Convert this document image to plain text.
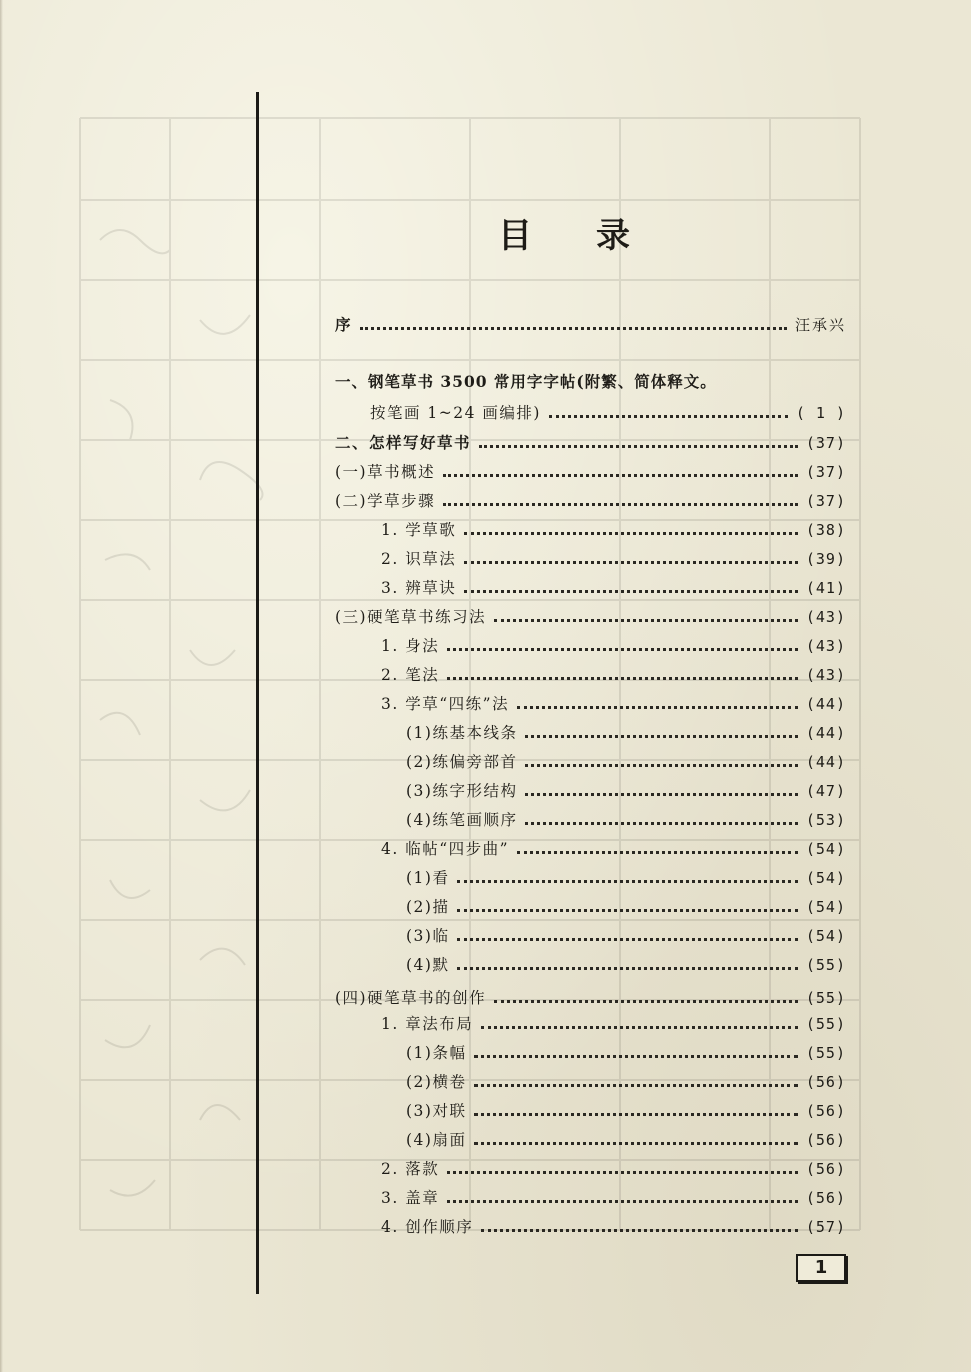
目 录
序	汪承兴
一、钢笔草书 3500 常用字字帖(附繁、简体释文。
按笔画 1~24 画编排)	( 1 )
二、怎样写好草书	(37)
(一)草书概述	(37)
(二)学草步骤	(37)
1. 学草歌	(38)
2. 识草法	(39)
3. 辨草诀	(41)
(三)硬笔草书练习法	(43)
1. 身法	(43)
2. 笔法	(43)
3. 学草“四练”法	(44)
(1)练基本线条	(44)
(2)练偏旁部首	(44)
(3)练字形结构	(47)
(4)练笔画顺序	(53)
4. 临帖“四步曲”	(54)
(1)看	(54)
(2)描	(54)
(3)临	(54)
(4)默	(55)
(四)硬笔草书的创作	(55)
1. 章法布局	(55)
(1)条幅	(55)
(2)横卷	(56)
(3)对联	(56)
(4)扇面	(56)
2. 落款	(56)
3. 盖章	(56)
4. 创作顺序	(57)
1
